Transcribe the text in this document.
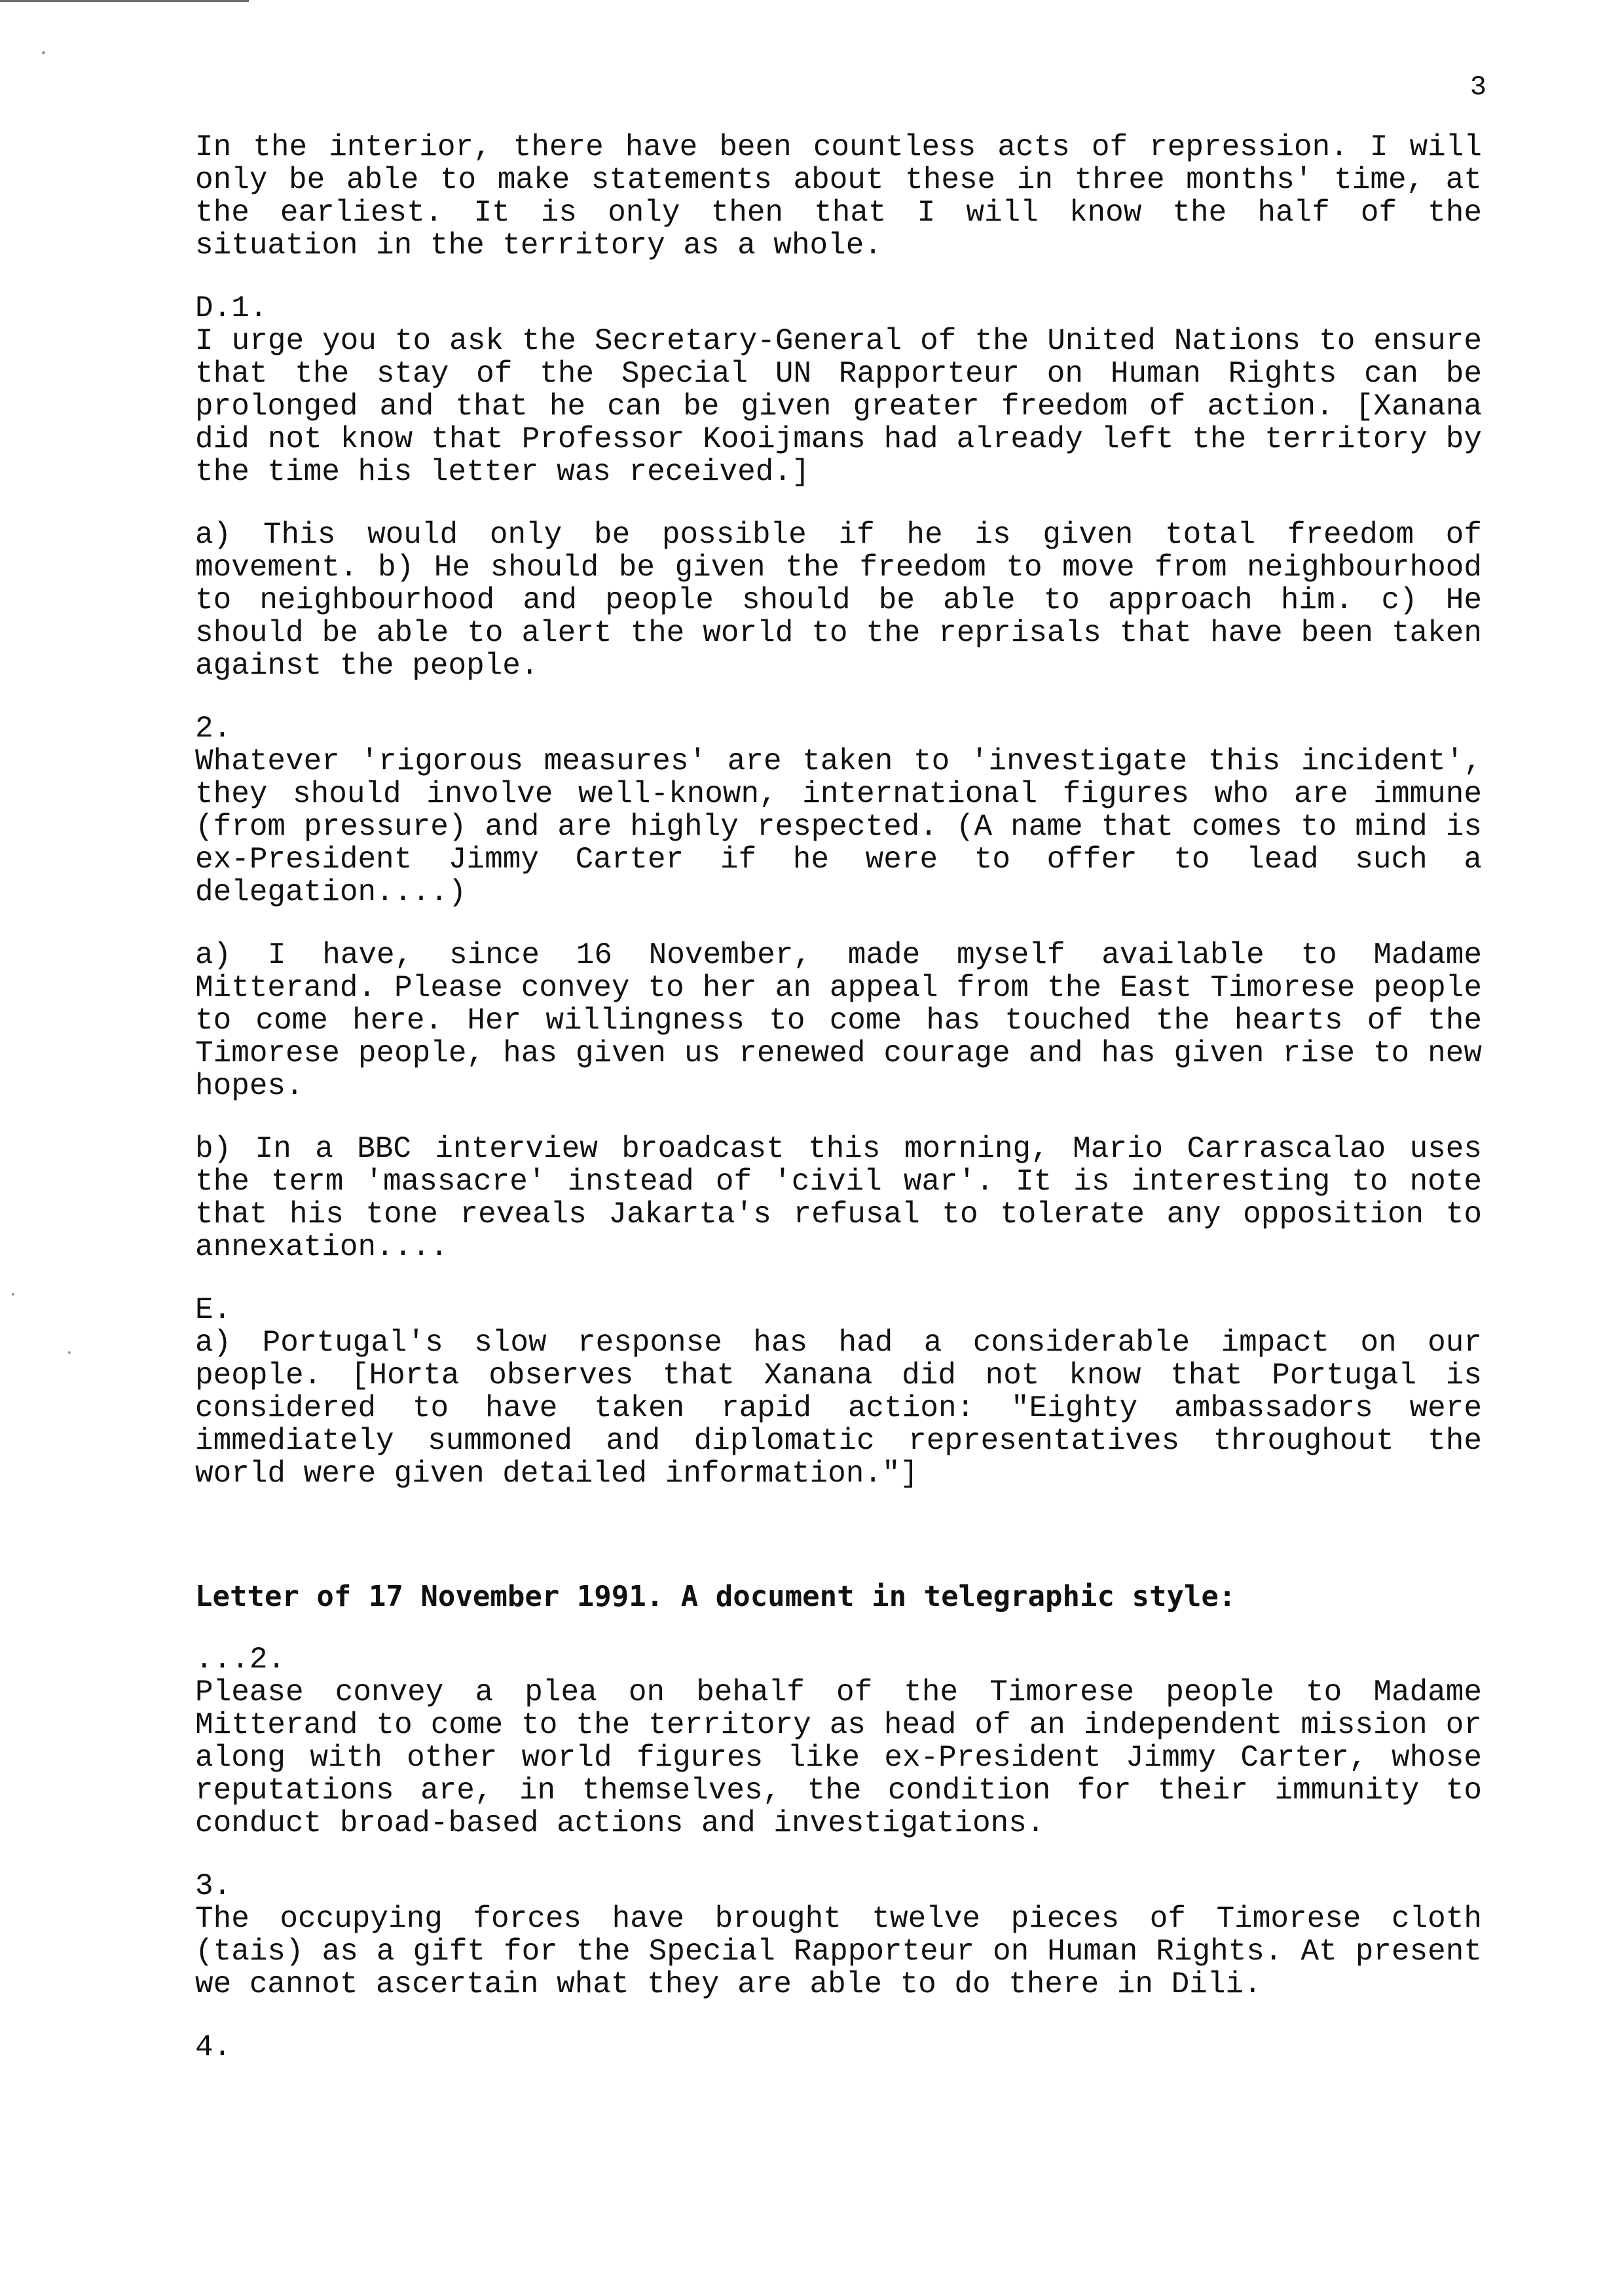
3

In the interior, there have been countless acts of repression. I will only be able to make statements about these in three months' time, at the earliest. It is only then that I will know the half of the situation in the territory as a whole.

D.1.

I urge you to ask the Secretary-General of the United Nations to ensure that the stay of the Special UN Rapporteur on Human Rights can be prolonged and that he can be given greater freedom of action. [Xanana did not know that Professor Kooijmans had already left the territory by the time his letter was received.]

a) This would only be possible if he is given total freedom of movement. b) He should be given the freedom to move from neighbourhood to neighbourhood and people should be able to approach him. c) He should be able to alert the world to the reprisals that have been taken against the people.

2.

Whatever 'rigorous measures' are taken to 'investigate this incident', they should involve well-known, international figures who are immune (from pressure) and are highly respected. (A name that comes to mind is ex-President Jimmy Carter if he were to offer to lead such a delegation....)

a) I have, since 16 November, made myself available to Madame Mitterand. Please convey to her an appeal from the East Timorese people to come here. Her willingness to come has touched the hearts of the Timorese people, has given us renewed courage and has given rise to new hopes.

b) In a BBC interview broadcast this morning, Mario Carrascalao uses the term 'massacre' instead of 'civil war'. It is interesting to note that his tone reveals Jakarta's refusal to tolerate any opposition to annexation....

E.

a) Portugal's slow response has had a considerable impact on our people. [Horta observes that Xanana did not know that Portugal is considered to have taken rapid action: "Eighty ambassadors were immediately summoned and diplomatic representatives throughout the world were given detailed information."]

Letter of 17 November 1991. A document in telegraphic style:

...2.

Please convey a plea on behalf of the Timorese people to Madame Mitterand to come to the territory as head of an independent mission or along with other world figures like ex-President Jimmy Carter, whose reputations are, in themselves, the condition for their immunity to conduct broad-based actions and investigations.

3.

The occupying forces have brought twelve pieces of Timorese cloth (tais) as a gift for the Special Rapporteur on Human Rights. At present we cannot ascertain what they are able to do there in Dili.

4.
